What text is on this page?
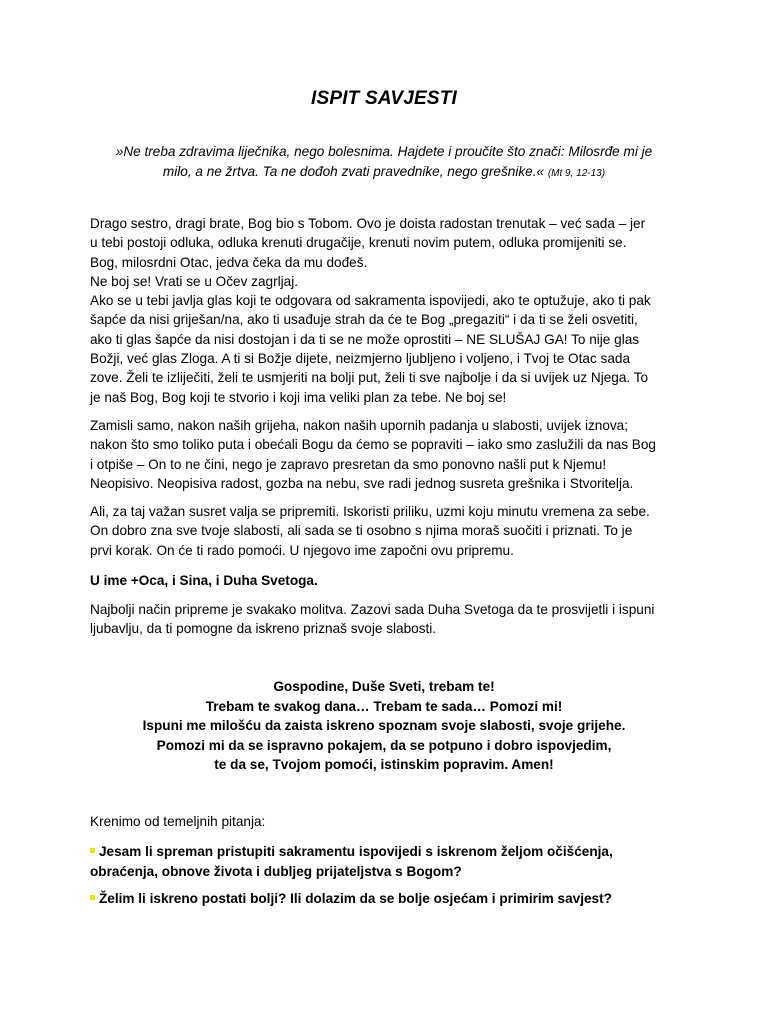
ISPIT SAVJESTI
»Ne treba zdravima liječnika, nego bolesnima. Hajdete i proučite što znači: Milosrđe mi je
milo, a ne žrtva. Ta ne dođoh zvati pravednike, nego grešnike.« (Mt 9, 12-13)
Drago sestro, dragi brate, Bog bio s Tobom. Ovo je doista radostan trenutak – već sada – jer
u tebi postoji odluka, odluka krenuti drugačije, krenuti novim putem, odluka promijeniti se.
Bog, milosrdni Otac, jedva čeka da mu dođeš.
Ne boj se! Vrati se u Očev zagrljaj.
Ako se u tebi javlja glas koji te odgovara od sakramenta ispovijedi, ako te optužuje, ako ti pak
šapće da nisi griješan/na, ako ti usađuje strah da će te Bog „pregaziti“ i da ti se želi osvetiti,
ako ti glas šapće da nisi dostojan i da ti se ne može oprostiti – NE SLUŠAJ GA! To nije glas
Božji, već glas Zloga. A ti si Božje dijete, neizmjerno ljubljeno i voljeno, i Tvoj te Otac sada
zove. Želi te izliječiti, želi te usmjeriti na bolji put, želi ti sve najbolje i da si uvijek uz Njega. To
je naš Bog, Bog koji te stvorio i koji ima veliki plan za tebe. Ne boj se!
Zamisli samo, nakon naših grijeha, nakon naših upornih padanja u slabosti, uvijek iznova;
nakon što smo toliko puta i obećali Bogu da ćemo se popraviti – iako smo zaslužili da nas Bog
i otpiše – On to ne čini, nego je zapravo presretan da smo ponovno našli put k Njemu!
Neopisivo. Neopisiva radost, gozba na nebu, sve radi jednog susreta grešnika i Stvoritelja.
Ali, za taj važan susret valja se pripremiti. Iskoristi priliku, uzmi koju minutu vremena za sebe.
On dobro zna sve tvoje slabosti, ali sada se ti osobno s njima moraš suočiti i priznati. To je
prvi korak. On će ti rado pomoći. U njegovo ime započni ovu pripremu.
U ime +Oca, i Sina, i Duha Svetoga.
Najbolji način pripreme je svakako molitva. Zazovi sada Duha Svetoga da te prosvijetli i ispuni
ljubavlju, da ti pomogne da iskreno priznaš svoje slabosti.
Gospodine, Duše Sveti, trebam te!
Trebam te svakog dana… Trebam te sada… Pomozi mi!
Ispuni me milošću da zaista iskreno spoznam svoje slabosti, svoje grijehe.
Pomozi mi da se ispravno pokajem, da se potpuno i dobro ispovjedim,
te da se, Tvojom pomoći, istinskim popravim. Amen!
Krenimo od temeljnih pitanja:
Jesam li spreman pristupiti sakramentu ispovijedi s iskrenom željom očišćenja,
obraćenja, obnove života i dubljeg prijateljstva s Bogom?
Želim li iskreno postati bolji? Ili dolazim da se bolje osjećam i primirim savjest?
